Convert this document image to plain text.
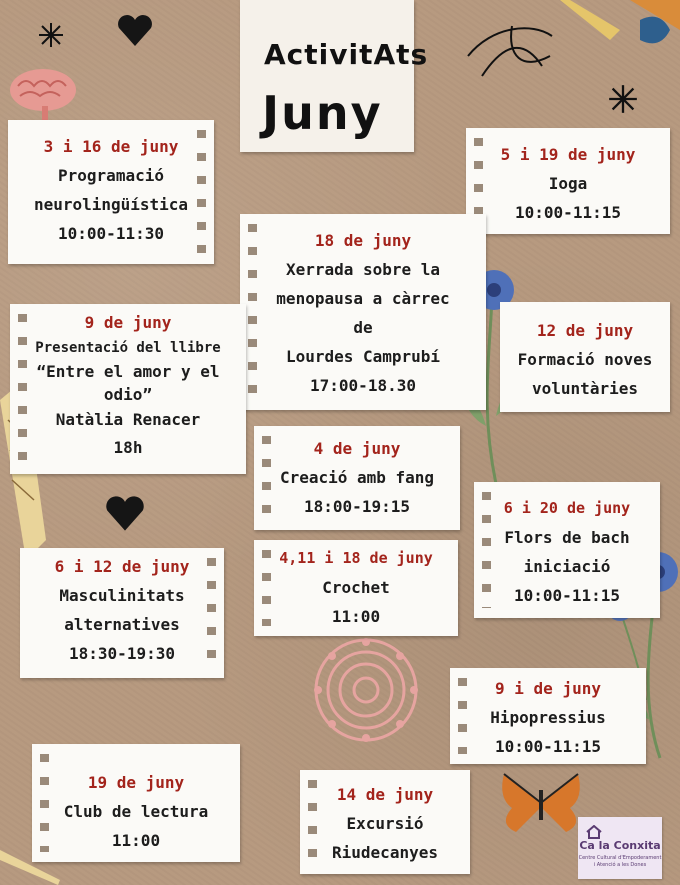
ActivitAts
Juny
3 i 16 de juny
Programació
neurolingüística
10:00-11:30
5 i 19 de juny
Ioga
10:00-11:15
18 de juny
Xerrada sobre la
menopausa a càrrec
de
Lourdes Camprubí
17:00-18.30
9 de juny
Presentació del llibre
“Entre el amor y el
odio”
Natàlia Renacer
18h
12 de juny
Formació noves
voluntàries
4 de juny
Creació amb fang
18:00-19:15	6 i 20 de juny
Flors de bach
iniciació
10:00-11:15
6 i 12 de juny
Masculinitats
alternatives
18:30-19:30
4,11 i 18 de juny
Crochet
11:00
9 i de juny
Hipopressius
10:00-11:15
19 de juny
Club de lectura
11:00
14 de juny
Excursió
Riudecanyes	Ca la Conxita
Centre Cultural d'Empoderament i Atenció a les Dones
